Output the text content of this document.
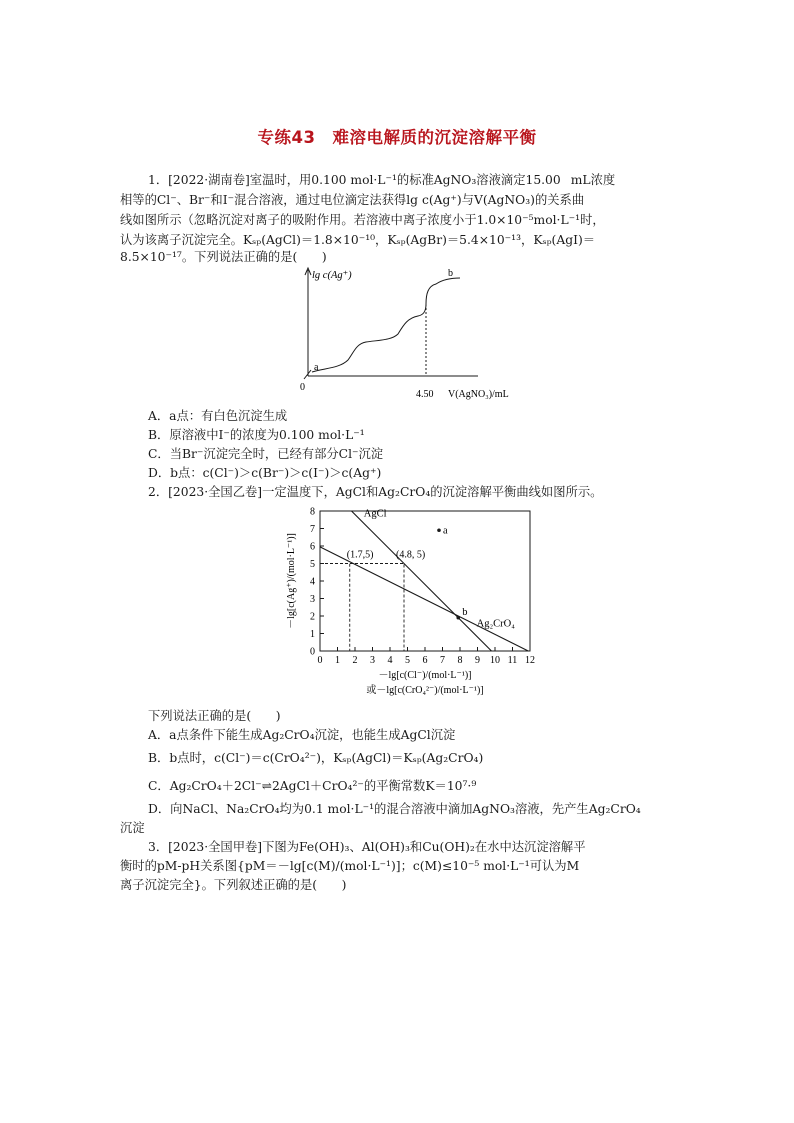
专练43　难溶电解质的沉淀溶解平衡
1．[2022·湖南卷]室温时，用0.100 mol·L⁻¹的标准AgNO₃溶液滴定15.00  mL浓度
相等的Cl⁻、Br⁻和I⁻混合溶液，通过电位滴定法获得lg c(Ag⁺)与V(AgNO₃)的关系曲
线如图所示（忽略沉淀对离子的吸附作用。若溶液中离子浓度小于1.0×10⁻⁵mol·L⁻¹时，
认为该离子沉淀完全。Kₛₚ(AgCl)＝1.8×10⁻¹⁰，Kₛₚ(AgBr)＝5.4×10⁻¹³，Kₛₚ(AgI)＝
8.5×10⁻¹⁷。下列说法正确的是(　　)
lg c(Ag⁺)
0
4.50 V(AgNO₃)/mL
a
b
A．a点：有白色沉淀生成
B．原溶液中I⁻的浓度为0.100 mol·L⁻¹
C．当Br⁻沉淀完全时，已经有部分Cl⁻沉淀
D．b点：c(Cl⁻)＞c(Br⁻)＞c(I⁻)＞c(Ag⁺)
2．[2023·全国乙卷]一定温度下，AgCl和Ag₂CrO₄的沉淀溶解平衡曲线如图所示。
0 1 2 3 4 5 6 7 8 9 10 11 12
0
1
2
3
4
5
6
7
8
(1.7,5) (4.8, 5)
AgCl
Ag₂CrO₄
a
b
－lg[c(Cl⁻)/(mol·L⁻¹)]
或－lg[c(CrO₄²⁻)/(mol·L⁻¹)]
－lg[c(Ag⁺)/(mol·L⁻¹)]
下列说法正确的是(　　)
A．a点条件下能生成Ag₂CrO₄沉淀，也能生成AgCl沉淀
B．b点时，c(Cl⁻)＝c(CrO₄²⁻)，Kₛₚ(AgCl)＝Kₛₚ(Ag₂CrO₄)
C．Ag₂CrO₄＋2Cl⁻⇌2AgCl＋CrO₄²⁻的平衡常数K＝10⁷·⁹
D．向NaCl、Na₂CrO₄均为0.1 mol·L⁻¹的混合溶液中滴加AgNO₃溶液，先产生Ag₂CrO₄
沉淀
3．[2023·全国甲卷]下图为Fe(OH)₃、Al(OH)₃和Cu(OH)₂在水中达沉淀溶解平
衡时的pM-pH关系图{pM＝－lg[c(M)/(mol·L⁻¹)]；c(M)≤10⁻⁵ mol·L⁻¹可认为M
离子沉淀完全}。下列叙述正确的是(　　)
